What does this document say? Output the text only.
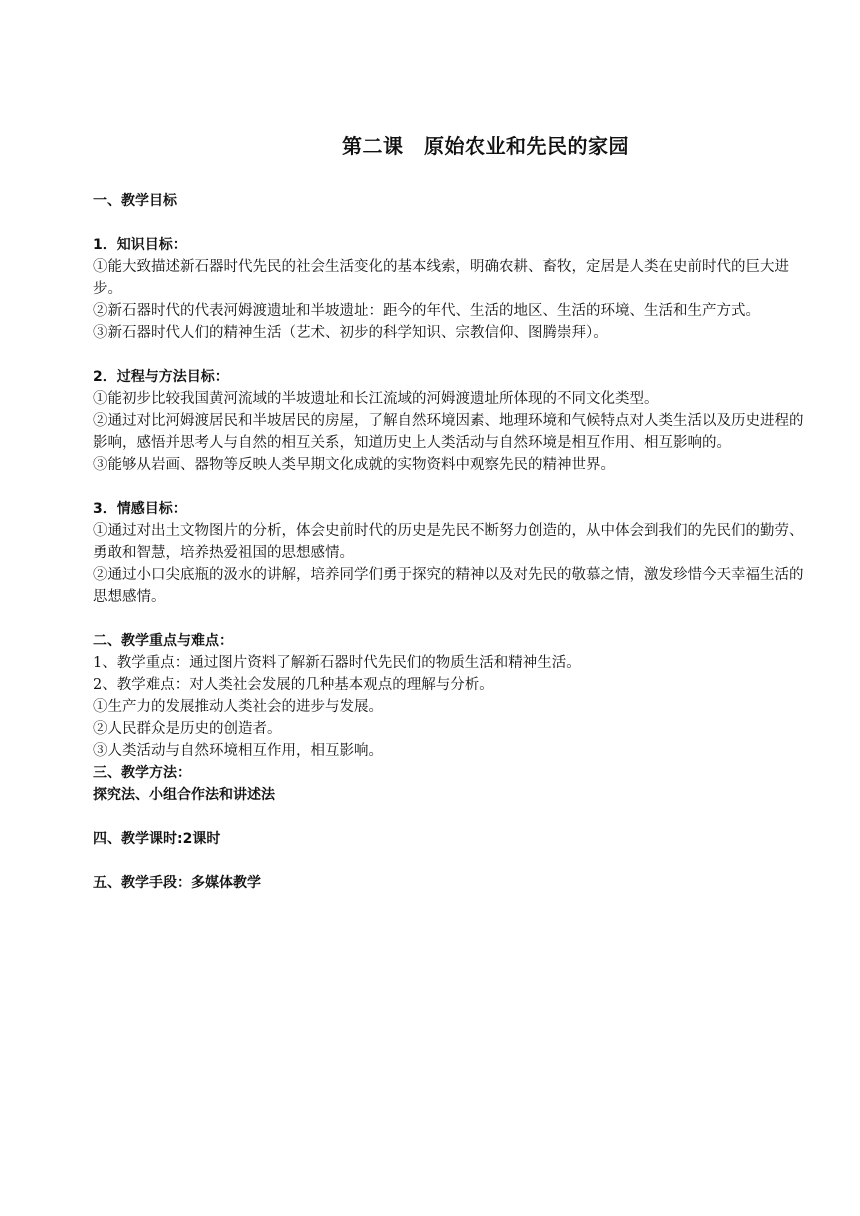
第二课　原始农业和先民的家园

一、教学目标

1．知识目标：

①能大致描述新石器时代先民的社会生活变化的基本线索，明确农耕、畜牧，定居是人类在史前时代的巨大进步。

②新石器时代的代表河姆渡遗址和半坡遗址：距今的年代、生活的地区、生活的环境、生活和生产方式。

③新石器时代人们的精神生活（艺术、初步的科学知识、宗教信仰、图腾崇拜）。

2．过程与方法目标：

①能初步比较我国黄河流域的半坡遗址和长江流域的河姆渡遗址所体现的不同文化类型。

②通过对比河姆渡居民和半坡居民的房屋，了解自然环境因素、地理环境和气候特点对人类生活以及历史进程的影响，感悟并思考人与自然的相互关系，知道历史上人类活动与自然环境是相互作用、相互影响的。

③能够从岩画、器物等反映人类早期文化成就的实物资料中观察先民的精神世界。

3．情感目标：

①通过对出土文物图片的分析，体会史前时代的历史是先民不断努力创造的，从中体会到我们的先民们的勤劳、勇敢和智慧，培养热爱祖国的思想感情。

②通过小口尖底瓶的汲水的讲解，培养同学们勇于探究的精神以及对先民的敬慕之情，激发珍惜今天幸福生活的思想感情。

二、教学重点与难点：

1、教学重点：通过图片资料了解新石器时代先民们的物质生活和精神生活。

2、教学难点：对人类社会发展的几种基本观点的理解与分析。

①生产力的发展推动人类社会的进步与发展。

②人民群众是历史的创造者。

③人类活动与自然环境相互作用，相互影响。

三、教学方法：

探究法、小组合作法和讲述法

四、教学课时:2课时

五、教学手段：多媒体教学
